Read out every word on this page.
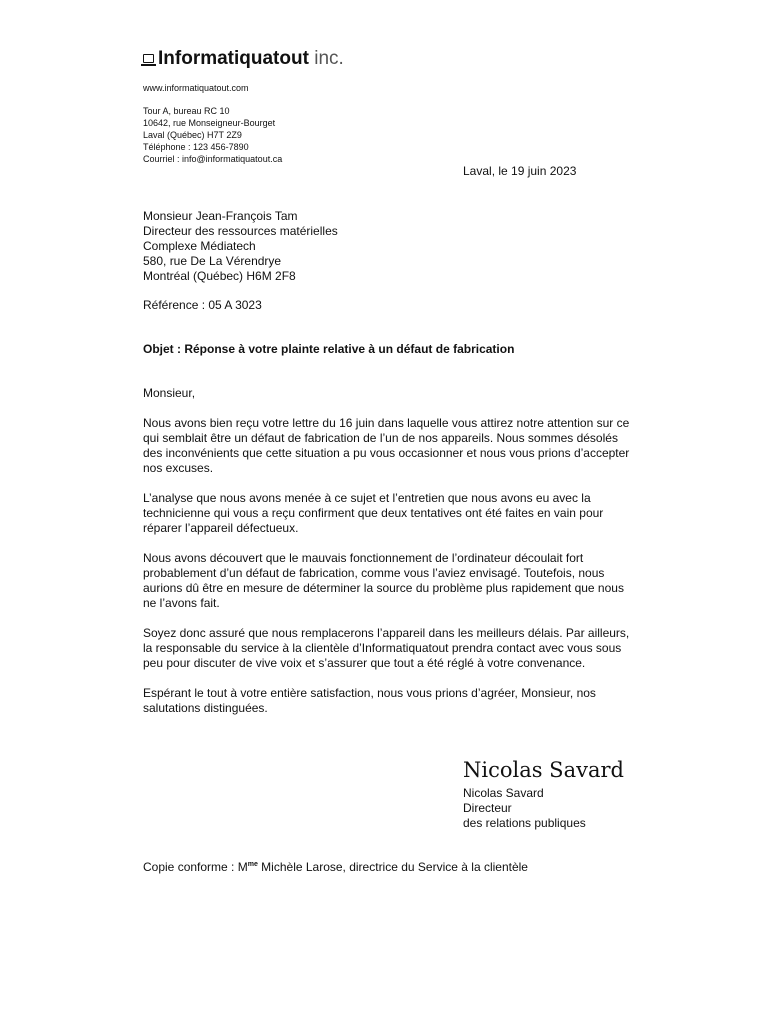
Informatiquatout inc.
www.informatiquatout.com
Tour A, bureau RC 10
10642, rue Monseigneur-Bourget
Laval (Québec) H7T 2Z9
Téléphone : 123 456-7890
Courriel : info@informatiquatout.ca
Laval, le 19 juin 2023
Monsieur Jean-François Tam
Directeur des ressources matérielles
Complexe Médiatech
580, rue De La Vérendrye
Montréal (Québec) H6M 2F8
Référence : 05 A 3023
Objet : Réponse à votre plainte relative à un défaut de fabrication

Monsieur,

Nous avons bien reçu votre lettre du 16 juin dans laquelle vous attirez notre attention sur ce qui semblait être un défaut de fabrication de l’un de nos appareils. Nous sommes désolés des inconvénients que cette situation a pu vous occasionner et nous vous prions d’accepter nos excuses.

L’analyse que nous avons menée à ce sujet et l’entretien que nous avons eu avec la technicienne qui vous a reçu confirment que deux tentatives ont été faites en vain pour réparer l’appareil défectueux.

Nous avons découvert que le mauvais fonctionnement de l’ordinateur découlait fort probablement d’un défaut de fabrication, comme vous l’aviez envisagé. Toutefois, nous aurions dû être en mesure de déterminer la source du problème plus rapidement que nous ne l’avons fait.

Soyez donc assuré que nous remplacerons l’appareil dans les meilleurs délais. Par ailleurs, la responsable du service à la clientèle d’Informatiquatout prendra contact avec vous sous peu pour discuter de vive voix et s’assurer que tout a été réglé à votre convenance.

Espérant le tout à votre entière satisfaction, nous vous prions d’agréer, Monsieur, nos salutations distinguées.

Nicolas Savard
Nicolas Savard
Directeur
des relations publiques
Copie conforme : $M^{me}$ Michèle Larose, directrice du Service à la clientèle
